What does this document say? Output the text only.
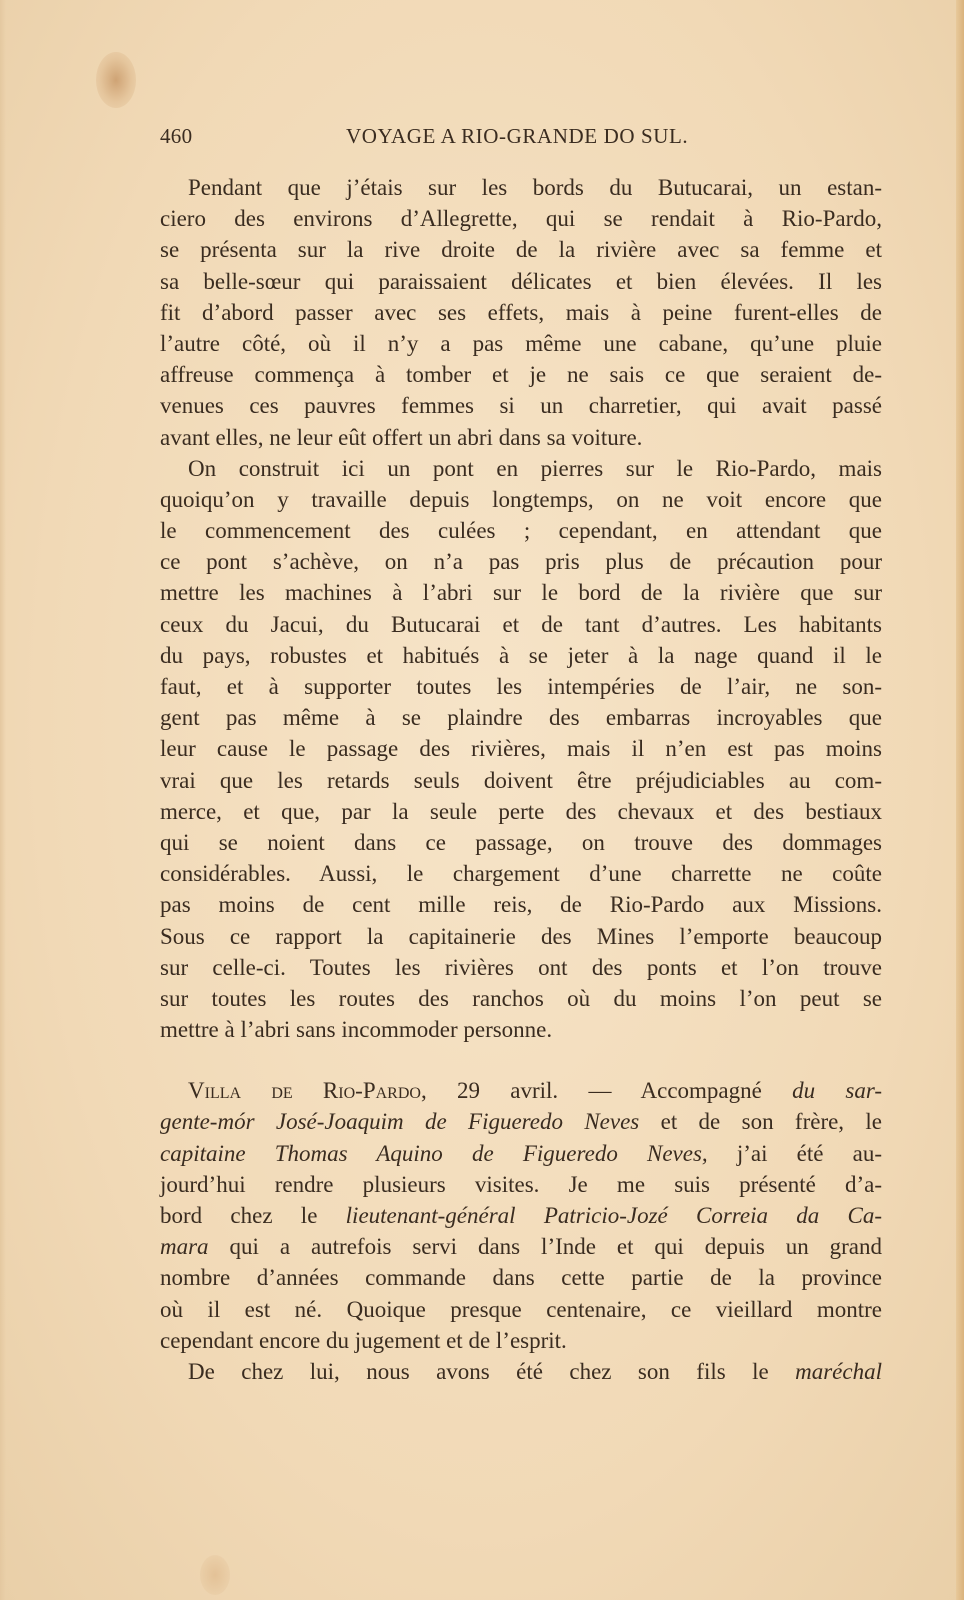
460	VOYAGE A RIO-GRANDE DO SUL.
Pendant que j’étais sur les bords du Butucarai, un estan-
ciero des environs d’Allegrette, qui se rendait à Rio-Pardo,
se présenta sur la rive droite de la rivière avec sa femme et
sa belle-sœur qui paraissaient délicates et bien élevées. Il les
fit d’abord passer avec ses effets, mais à peine furent-elles de
l’autre côté, où il n’y a pas même une cabane, qu’une pluie
affreuse commença à tomber et je ne sais ce que seraient de-
venues ces pauvres femmes si un charretier, qui avait passé
avant elles, ne leur eût offert un abri dans sa voiture.
On construit ici un pont en pierres sur le Rio-Pardo, mais
quoiqu’on y travaille depuis longtemps, on ne voit encore que
le commencement des culées ; cependant, en attendant que
ce pont s’achève, on n’a pas pris plus de précaution pour
mettre les machines à l’abri sur le bord de la rivière que sur
ceux du Jacui, du Butucarai et de tant d’autres. Les habitants
du pays, robustes et habitués à se jeter à la nage quand il le
faut, et à supporter toutes les intempéries de l’air, ne son-
gent pas même à se plaindre des embarras incroyables que
leur cause le passage des rivières, mais il n’en est pas moins
vrai que les retards seuls doivent être préjudiciables au com-
merce, et que, par la seule perte des chevaux et des bestiaux
qui se noient dans ce passage, on trouve des dommages
considérables. Aussi, le chargement d’une charrette ne coûte
pas moins de cent mille reis, de Rio-Pardo aux Missions.
Sous ce rapport la capitainerie des Mines l’emporte beaucoup
sur celle-ci. Toutes les rivières ont des ponts et l’on trouve
sur toutes les routes des ranchos où du moins l’on peut se
mettre à l’abri sans incommoder personne.
Villa de Rio-Pardo, 29 avril. — Accompagné du sar-
gente-mór José-Joaquim de Figueredo Neves et de son frère, le
capitaine Thomas Aquino de Figueredo Neves, j’ai été au-
jourd’hui rendre plusieurs visites. Je me suis présenté d’a-
bord chez le lieutenant-général Patricio-Jozé Correia da Ca-
mara qui a autrefois servi dans l’Inde et qui depuis un grand
nombre d’années commande dans cette partie de la province
où il est né. Quoique presque centenaire, ce vieillard montre
cependant encore du jugement et de l’esprit.
De chez lui, nous avons été chez son fils le maréchal
